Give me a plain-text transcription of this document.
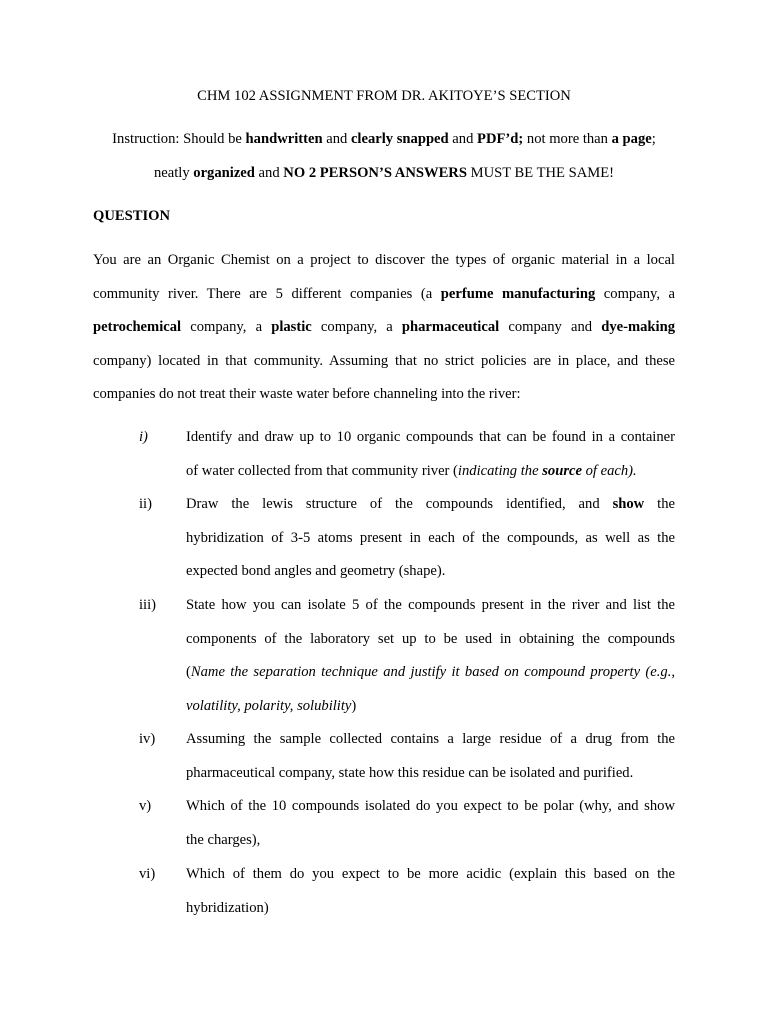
CHM 102 ASSIGNMENT FROM DR. AKITOYE’S SECTION
Instruction: Should be handwritten and clearly snapped and PDF’d; not more than a page;
neatly organized and NO 2 PERSON’S ANSWERS MUST BE THE SAME!
QUESTION
You are an Organic Chemist on a project to discover the types of organic material in a local
community river. There are 5 different companies (a perfume manufacturing company, a
petrochemical company, a plastic company, a pharmaceutical company and dye-making
company) located in that community. Assuming that no strict policies are in place, and these
companies do not treat their waste water before channeling into the river:
i)	Identify and draw up to 10 organic compounds that can be found in a container
of water collected from that community river (indicating the source of each).
ii) Draw the lewis structure of the compounds identified, and show the
hybridization of 3-5 atoms present in each of the compounds, as well as the
expected bond angles and geometry (shape).
iii) State how you can isolate 5 of the compounds present in the river and list the
components of the laboratory set up to be used in obtaining the compounds
(Name the separation technique and justify it based on compound property (e.g.,
volatility, polarity, solubility)
iv) Assuming the sample collected contains a large residue of a drug from the
pharmaceutical company, state how this residue can be isolated and purified.
v) Which of the 10 compounds isolated do you expect to be polar (why, and show
the charges),
vi) Which of them do you expect to be more acidic (explain this based on the
hybridization)
